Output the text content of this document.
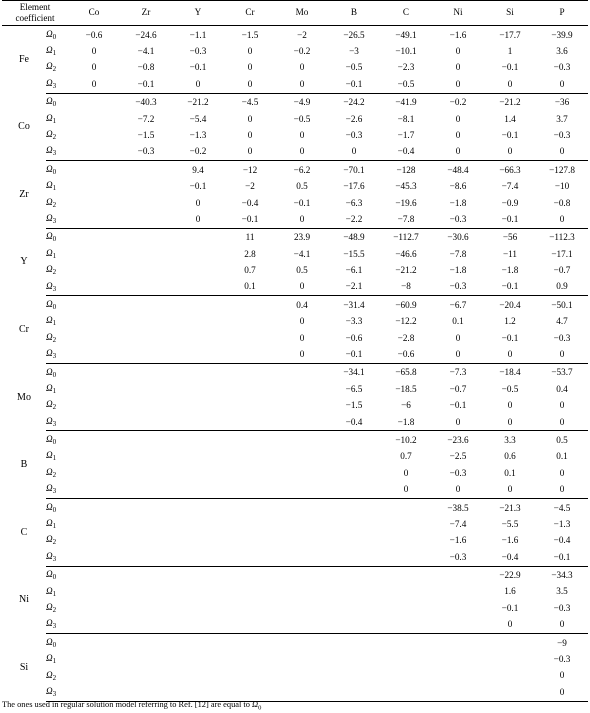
Element
coefficient		Co	Zr	Y	Cr	Mo	B	C	Ni	Si	P
Fe	$\Omega_0$	−0.6	−24.6	−1.1	−1.5	−2	−26.5	−49.1	−1.6	−17.7	−39.9
	$\Omega_1$	0	−4.1	−0.3	0	−0.2	−3	−10.1	0	1	3.6
	$\Omega_2$	0	−0.8	−0.1	0	0	−0.5	−2.3	0	−0.1	−0.3
	$\Omega_3$	0	−0.1	0	0	0	−0.1	−0.5	0	0	0
Co	$\Omega_0$		−40.3	−21.2	−4.5	−4.9	−24.2	−41.9	−0.2	−21.2	−36
	$\Omega_1$		−7.2	−5.4	0	−0.5	−2.6	−8.1	0	1.4	3.7
	$\Omega_2$		−1.5	−1.3	0	0	−0.3	−1.7	0	−0.1	−0.3
	$\Omega_3$		−0.3	−0.2	0	0	0	−0.4	0	0	0
Zr	$\Omega_0$			9.4	−12	−6.2	−70.1	−128	−48.4	−66.3	−127.8
	$\Omega_1$			−0.1	−2	0.5	−17.6	−45.3	−8.6	−7.4	−10
	$\Omega_2$			0	−0.4	−0.1	−6.3	−19.6	−1.8	−0.9	−0.8
	$\Omega_3$			0	−0.1	0	−2.2	−7.8	−0.3	−0.1	0
Y	$\Omega_0$				11	23.9	−48.9	−112.7	−30.6	−56	−112.3
	$\Omega_1$				2.8	−4.1	−15.5	−46.6	−7.8	−11	−17.1
	$\Omega_2$				0.7	0.5	−6.1	−21.2	−1.8	−1.8	−0.7
	$\Omega_3$				0.1	0	−2.1	−8	−0.3	−0.1	0.9
Cr	$\Omega_0$					0.4	−31.4	−60.9	−6.7	−20.4	−50.1
	$\Omega_1$					0	−3.3	−12.2	0.1	1.2	4.7
	$\Omega_2$					0	−0.6	−2.8	0	−0.1	−0.3
	$\Omega_3$					0	−0.1	−0.6	0	0	0
Mo	$\Omega_0$						−34.1	−65.8	−7.3	−18.4	−53.7
	$\Omega_1$						−6.5	−18.5	−0.7	−0.5	0.4
	$\Omega_2$						−1.5	−6	−0.1	0	0
	$\Omega_3$						−0.4	−1.8	0	0	0
B	$\Omega_0$							−10.2	−23.6	3.3	0.5
	$\Omega_1$							0.7	−2.5	0.6	0.1
	$\Omega_2$							0	−0.3	0.1	0
	$\Omega_3$							0	0	0	0
C	$\Omega_0$								−38.5	−21.3	−4.5
	$\Omega_1$								−7.4	−5.5	−1.3
	$\Omega_2$								−1.6	−1.6	−0.4
	$\Omega_3$								−0.3	−0.4	−0.1
Ni	$\Omega_0$									−22.9	−34.3
	$\Omega_1$									1.6	3.5
	$\Omega_2$									−0.1	−0.3
	$\Omega_3$									0	0
Si	$\Omega_0$										−9
	$\Omega_1$										−0.3
	$\Omega_2$										0
	$\Omega_3$										0
The ones used in regular solution model referring to Ref. [12] are equal to $\Omega_0$
